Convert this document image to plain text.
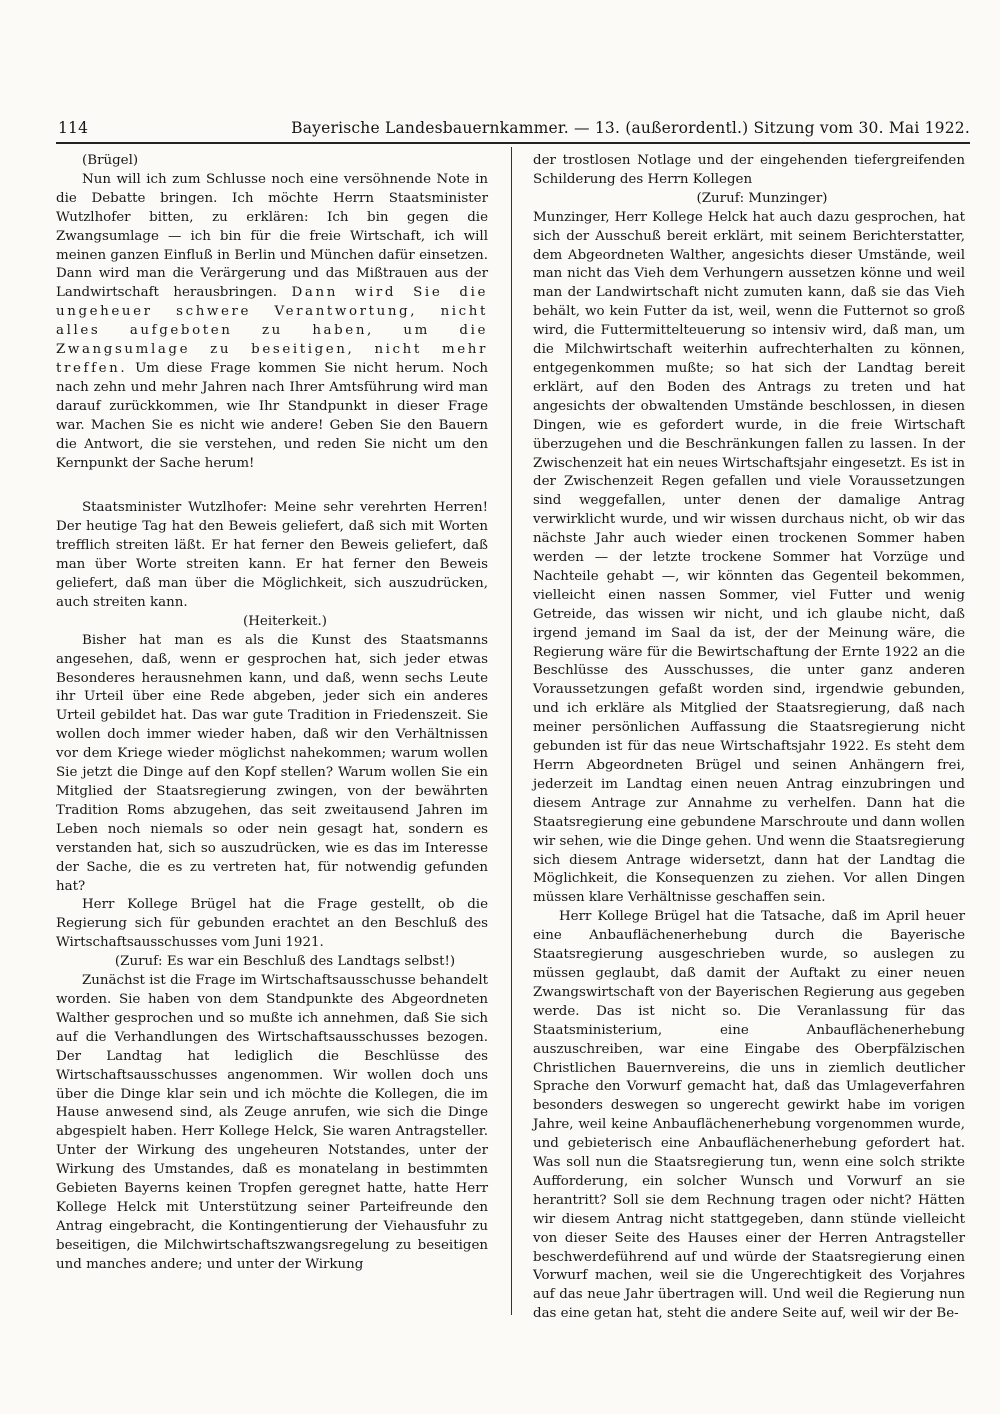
114	Bayerische Landesbauernkammer. — 13. (außerordentl.) Sitzung vom 30. Mai 1922.

(Brügel)

Nun will ich zum Schlusse noch eine versöhnende Note in die Debatte bringen. Ich möchte Herrn Staatsminister Wutzlhofer bitten, zu erklären: Ich bin gegen die Zwangsumlage — ich bin für die freie Wirtschaft, ich will meinen ganzen Einfluß in Berlin und München dafür einsetzen. Dann wird man die Verärgerung und das Mißtrauen aus der Landwirtschaft herausbringen. Dann wird Sie die ungeheuer schwere Verantwortung, nicht alles aufgeboten zu haben, um die Zwangsumlage zu beseitigen, nicht mehr treffen. Um diese Frage kommen Sie nicht herum. Noch nach zehn und mehr Jahren nach Ihrer Amtsführung wird man darauf zurückkommen, wie Ihr Standpunkt in dieser Frage war. Machen Sie es nicht wie andere! Geben Sie den Bauern die Antwort, die sie verstehen, und reden Sie nicht um den Kernpunkt der Sache herum!

Staatsminister Wutzlhofer: Meine sehr verehrten Herren! Der heutige Tag hat den Beweis geliefert, daß sich mit Worten trefflich streiten läßt. Er hat ferner den Beweis geliefert, daß man über Worte streiten kann. Er hat ferner den Beweis geliefert, daß man über die Möglichkeit, sich auszudrücken, auch streiten kann.

(Heiterkeit.)

Bisher hat man es als die Kunst des Staatsmanns angesehen, daß, wenn er gesprochen hat, sich jeder etwas Besonderes herausnehmen kann, und daß, wenn sechs Leute ihr Urteil über eine Rede abgeben, jeder sich ein anderes Urteil gebildet hat. Das war gute Tradition in Friedenszeit. Sie wollen doch immer wieder haben, daß wir den Verhältnissen vor dem Kriege wieder möglichst nahekommen; warum wollen Sie jetzt die Dinge auf den Kopf stellen? Warum wollen Sie ein Mitglied der Staatsregierung zwingen, von der bewährten Tradition Roms abzugehen, das seit zweitausend Jahren im Leben noch niemals so oder nein gesagt hat, sondern es verstanden hat, sich so auszudrücken, wie es das im Interesse der Sache, die es zu vertreten hat, für notwendig gefunden hat?

Herr Kollege Brügel hat die Frage gestellt, ob die Regierung sich für gebunden erachtet an den Beschluß des Wirtschaftsausschusses vom Juni 1921.

(Zuruf: Es war ein Beschluß des Landtags selbst!)

Zunächst ist die Frage im Wirtschaftsausschusse behandelt worden. Sie haben von dem Standpunkte des Abgeordneten Walther gesprochen und so mußte ich annehmen, daß Sie sich auf die Verhandlungen des Wirtschaftsausschusses bezogen. Der Landtag hat lediglich die Beschlüsse des Wirtschaftsausschusses angenommen. Wir wollen doch uns über die Dinge klar sein und ich möchte die Kollegen, die im Hause anwesend sind, als Zeuge anrufen, wie sich die Dinge abgespielt haben. Herr Kollege Helck, Sie waren Antragsteller. Unter der Wirkung des ungeheuren Notstandes, unter der Wirkung des Umstandes, daß es monatelang in bestimmten Gebieten Bayerns keinen Tropfen geregnet hatte, hatte Herr Kollege Helck mit Unterstützung seiner Parteifreunde den Antrag eingebracht, die Kontingentierung der Viehausfuhr zu beseitigen, die Milchwirtschaftszwangsregelung zu beseitigen und manches andere; und unter der Wirkung

der trostlosen Notlage und der eingehenden tiefergreifenden Schilderung des Herrn Kollegen

(Zuruf: Munzinger)

Munzinger, Herr Kollege Helck hat auch dazu gesprochen, hat sich der Ausschuß bereit erklärt, mit seinem Berichterstatter, dem Abgeordneten Walther, angesichts dieser Umstände, weil man nicht das Vieh dem Verhungern aussetzen könne und weil man der Landwirtschaft nicht zumuten kann, daß sie das Vieh behält, wo kein Futter da ist, weil, wenn die Futternot so groß wird, die Futtermittelteuerung so intensiv wird, daß man, um die Milchwirtschaft weiterhin aufrechterhalten zu können, entgegenkommen mußte; so hat sich der Landtag bereit erklärt, auf den Boden des Antrags zu treten und hat angesichts der obwaltenden Umstände beschlossen, in diesen Dingen, wie es gefordert wurde, in die freie Wirtschaft überzugehen und die Beschränkungen fallen zu lassen. In der Zwischenzeit hat ein neues Wirtschaftsjahr eingesetzt. Es ist in der Zwischenzeit Regen gefallen und viele Voraussetzungen sind weggefallen, unter denen der damalige Antrag verwirklicht wurde, und wir wissen durchaus nicht, ob wir das nächste Jahr auch wieder einen trockenen Sommer haben werden — der letzte trockene Sommer hat Vorzüge und Nachteile gehabt —, wir könnten das Gegenteil bekommen, vielleicht einen nassen Sommer, viel Futter und wenig Getreide, das wissen wir nicht, und ich glaube nicht, daß irgend jemand im Saal da ist, der der Meinung wäre, die Regierung wäre für die Bewirtschaftung der Ernte 1922 an die Beschlüsse des Ausschusses, die unter ganz anderen Voraussetzungen gefaßt worden sind, irgendwie gebunden, und ich erkläre als Mitglied der Staatsregierung, daß nach meiner persönlichen Auffassung die Staatsregierung nicht gebunden ist für das neue Wirtschaftsjahr 1922. Es steht dem Herrn Abgeordneten Brügel und seinen Anhängern frei, jederzeit im Landtag einen neuen Antrag einzubringen und diesem Antrage zur Annahme zu verhelfen. Dann hat die Staatsregierung eine gebundene Marschroute und dann wollen wir sehen, wie die Dinge gehen. Und wenn die Staatsregierung sich diesem Antrage widersetzt, dann hat der Landtag die Möglichkeit, die Konsequenzen zu ziehen. Vor allen Dingen müssen klare Verhältnisse geschaffen sein.

Herr Kollege Brügel hat die Tatsache, daß im April heuer eine Anbauflächenerhebung durch die Bayerische Staatsregierung ausgeschrieben wurde, so auslegen zu müssen geglaubt, daß damit der Auftakt zu einer neuen Zwangswirtschaft von der Bayerischen Regierung aus gegeben werde. Das ist nicht so. Die Veranlassung für das Staatsministerium, eine Anbauflächenerhebung auszuschreiben, war eine Eingabe des Oberpfälzischen Christlichen Bauernvereins, die uns in ziemlich deutlicher Sprache den Vorwurf gemacht hat, daß das Umlageverfahren besonders deswegen so ungerecht gewirkt habe im vorigen Jahre, weil keine Anbauflächenerhebung vorgenommen wurde, und gebieterisch eine Anbauflächenerhebung gefordert hat. Was soll nun die Staatsregierung tun, wenn eine solch strikte Aufforderung, ein solcher Wunsch und Vorwurf an sie herantritt? Soll sie dem Rechnung tragen oder nicht? Hätten wir diesem Antrag nicht stattgegeben, dann stünde vielleicht von dieser Seite des Hauses einer der Herren Antragsteller beschwerdeführend auf und würde der Staatsregierung einen Vorwurf machen, weil sie die Ungerechtigkeit des Vorjahres auf das neue Jahr übertragen will. Und weil die Regierung nun das eine getan hat, steht die andere Seite auf, weil wir der Be-
